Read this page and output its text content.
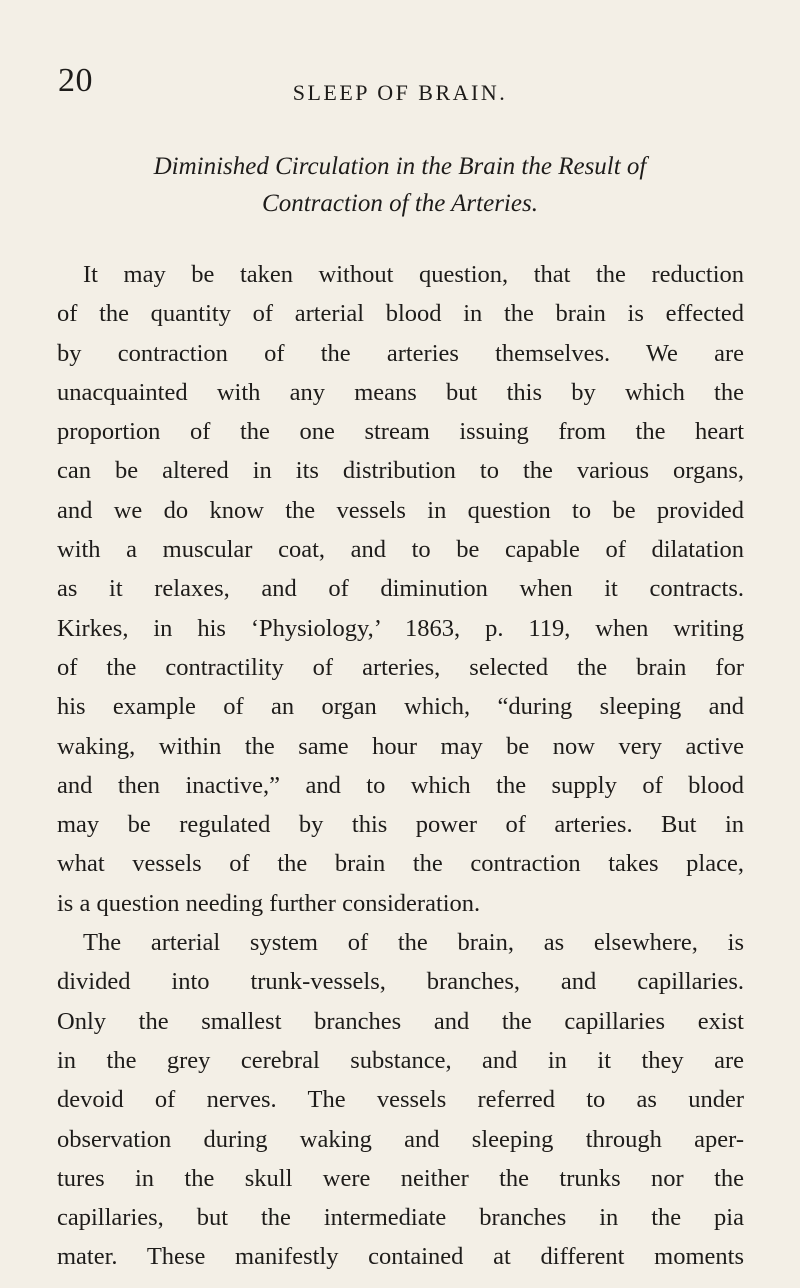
20	SLEEP OF BRAIN.
Diminished Circulation in the Brain the Result of
Contraction of the Arteries.
It may be taken without question, that the reduction
of the quantity of arterial blood in the brain is effected
by contraction of the arteries themselves. We are
unacquainted with any means but this by which the
proportion of the one stream issuing from the heart
can be altered in its distribution to the various organs,
and we do know the vessels in question to be provided
with a muscular coat, and to be capable of dilatation
as it relaxes, and of diminution when it contracts.
Kirkes, in his ‘Physiology,’ 1863, p. 119, when writing
of the contractility of arteries, selected the brain for
his example of an organ which, “during sleeping and
waking, within the same hour may be now very active
and then inactive,” and to which the supply of blood
may be regulated by this power of arteries. But in
what vessels of the brain the contraction takes place,
is a question needing further consideration.
The arterial system of the brain, as elsewhere, is
divided into trunk-vessels, branches, and capillaries.
Only the smallest branches and the capillaries exist
in the grey cerebral substance, and in it they are
devoid of nerves. The vessels referred to as under
observation during waking and sleeping through aper-
tures in the skull were neither the trunks nor the
capillaries, but the intermediate branches in the pia
mater. These manifestly contained at different moments
